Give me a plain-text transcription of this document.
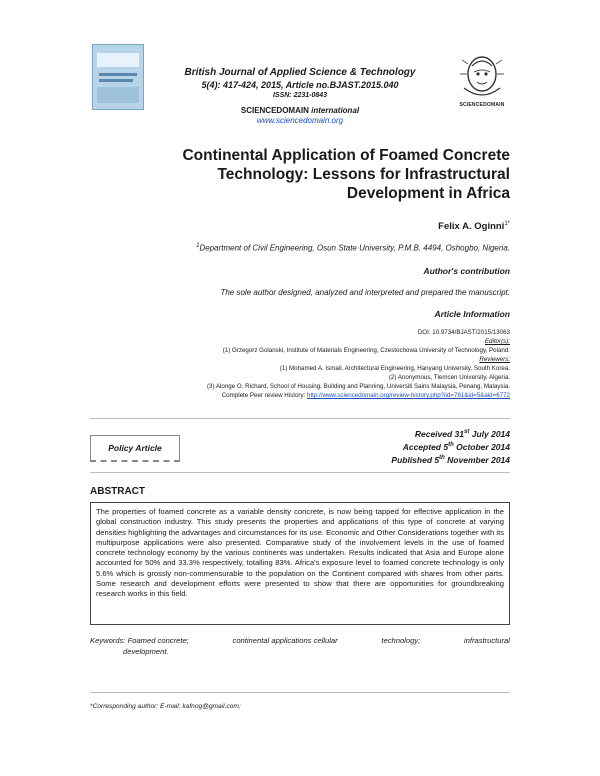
British Journal of Applied Science & Technology
5(4): 417-424, 2015, Article no.BJAST.2015.040
ISSN: 2231-0843
SCIENCEDOMAIN international
www.sciencedomain.org
SCIENCEDOMAIN
Continental Application of Foamed Concrete
Technology: Lessons for Infrastructural
Development in Africa
Felix A. Oginni$^{1*}$
$^1$Department of Civil Engineering, Osun State University, P.M.B. 4494, Oshogbo, Nigeria.
Author's contribution
The sole author designed, analyzed and interpreted and prepared the manuscript.
Article Information
DOI: 10.9734/BJAST/2015/13063
Editor(s):
(1) Grzegorz Golanski, Institute of Materials Engineering, Czestochowa University of Technology, Poland.
Reviewers:
(1) Mohamed A. Ismail, Architectural Engineering, Hanyang University, South Korea.
(2) Anonymous, Tlemcen University, Algeria.
(3) Alonge O. Richard, School of Housing, Building and Planning, Universiti Sains Malaysia, Penang, Malaysia.
Complete Peer review History: http://www.sciencedomain.org/review-history.php?iid=761&id=5&aid=6772
Policy Article
Received 31st July 2014
Accepted 5th October 2014
Published 5th November 2014
ABSTRACT
The properties of foamed concrete as a variable density concrete, is now being tapped for effective application in the global construction industry. This study presents the properties and applications of this type of concrete at varying densities highlighting the advantages and circumstances for its use. Economic and Other Considerations together with its multipurpose applications were also presented. Comparative study of the involvement levels in the use of foamed concrete technology economy by the various continents was undertaken. Results indicated that Asia and Europe alone accounted for 50% and 33.3% respectively, totalling 83%. Africa's exposure level to foamed concrete technology is only 5.6% which is grossly non-commensurable to the population on the Continent compared with shares from other parts. Some research and development efforts were presented to show that there are opportunities for groundbreaking research works in this field.
Keywords: Foamed concrete;	continental applications cellular	technology;	infrastructural
development.
*Corresponding author: E-mail: kafnog@gmail.com;
